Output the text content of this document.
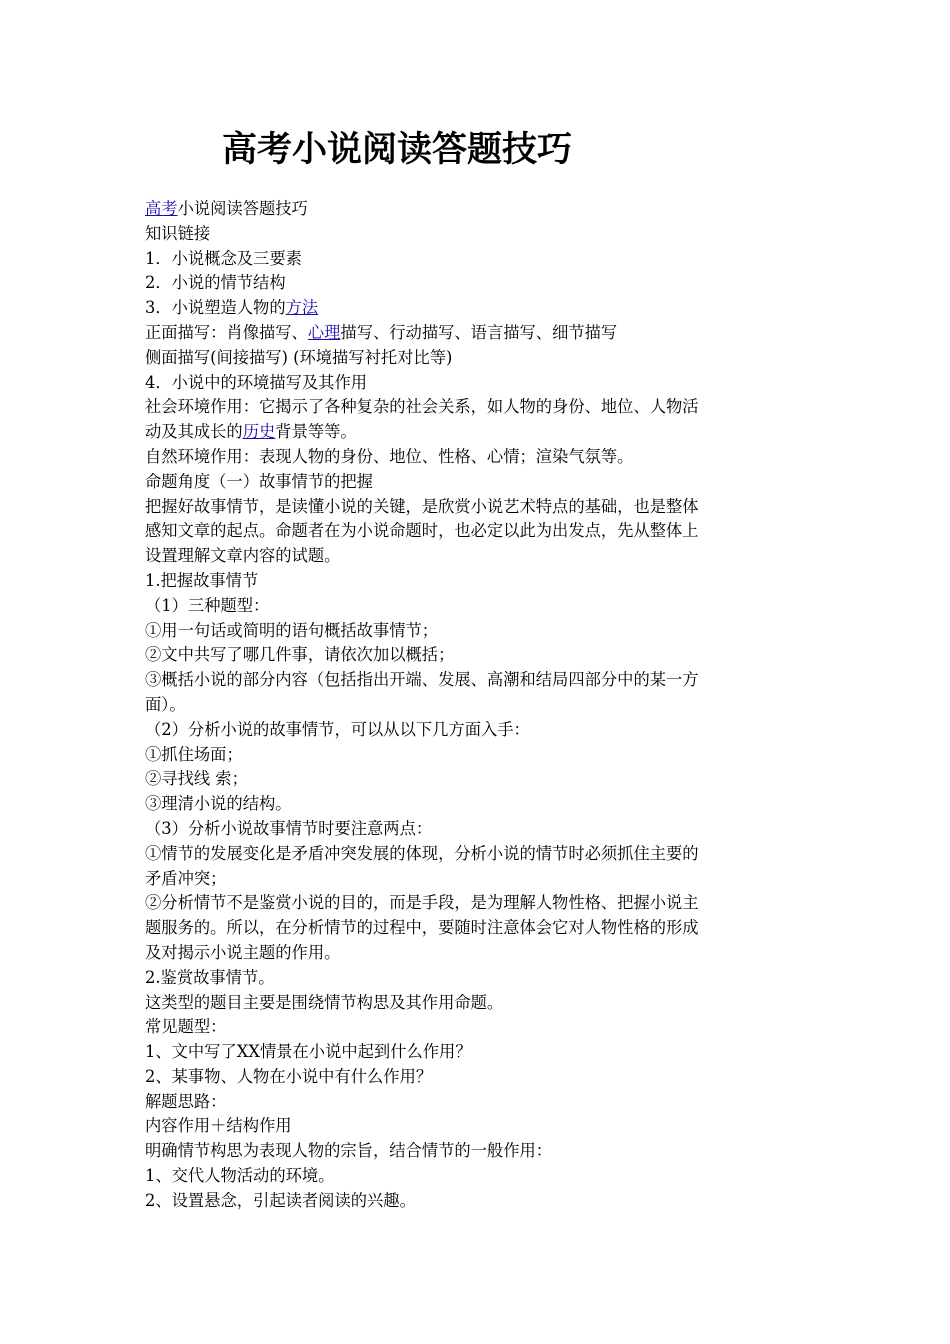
高考小说阅读答题技巧
高考小说阅读答题技巧
知识链接
1．小说概念及三要素
2．小说的情节结构
3．小说塑造人物的方法
正面描写：肖像描写、心理描写、行动描写、语言描写、细节描写
侧面描写(间接描写) (环境描写衬托对比等)
4．小说中的环境描写及其作用
社会环境作用：它揭示了各种复杂的社会关系，如人物的身份、地位、人物活
动及其成长的历史背景等等。
自然环境作用：表现人物的身份、地位、性格、心情；渲染气氛等。
命题角度（一）故事情节的把握
把握好故事情节，是读懂小说的关键，是欣赏小说艺术特点的基础，也是整体
感知文章的起点。命题者在为小说命题时，也必定以此为出发点，先从整体上
设置理解文章内容的试题。
1.把握故事情节
（1）三种题型：
①用一句话或简明的语句概括故事情节；
②文中共写了哪几件事，请依次加以概括；
③概括小说的部分内容（包括指出开端、发展、高潮和结局四部分中的某一方
面）。
（2）分析小说的故事情节，可以从以下几方面入手：
①抓住场面；
②寻找线 索；
③理清小说的结构。
（3）分析小说故事情节时要注意两点：
①情节的发展变化是矛盾冲突发展的体现，分析小说的情节时必须抓住主要的
矛盾冲突；
②分析情节不是鉴赏小说的目的，而是手段，是为理解人物性格、把握小说主
题服务的。所以，在分析情节的过程中，要随时注意体会它对人物性格的形成
及对揭示小说主题的作用。
2.鉴赏故事情节。
这类型的题目主要是围绕情节构思及其作用命题。
常见题型：
1、文中写了XX情景在小说中起到什么作用？
2、某事物、人物在小说中有什么作用？
解题思路：
内容作用＋结构作用
明确情节构思为表现人物的宗旨，结合情节的一般作用：
1、交代人物活动的环境。
2、设置悬念，引起读者阅读的兴趣。
